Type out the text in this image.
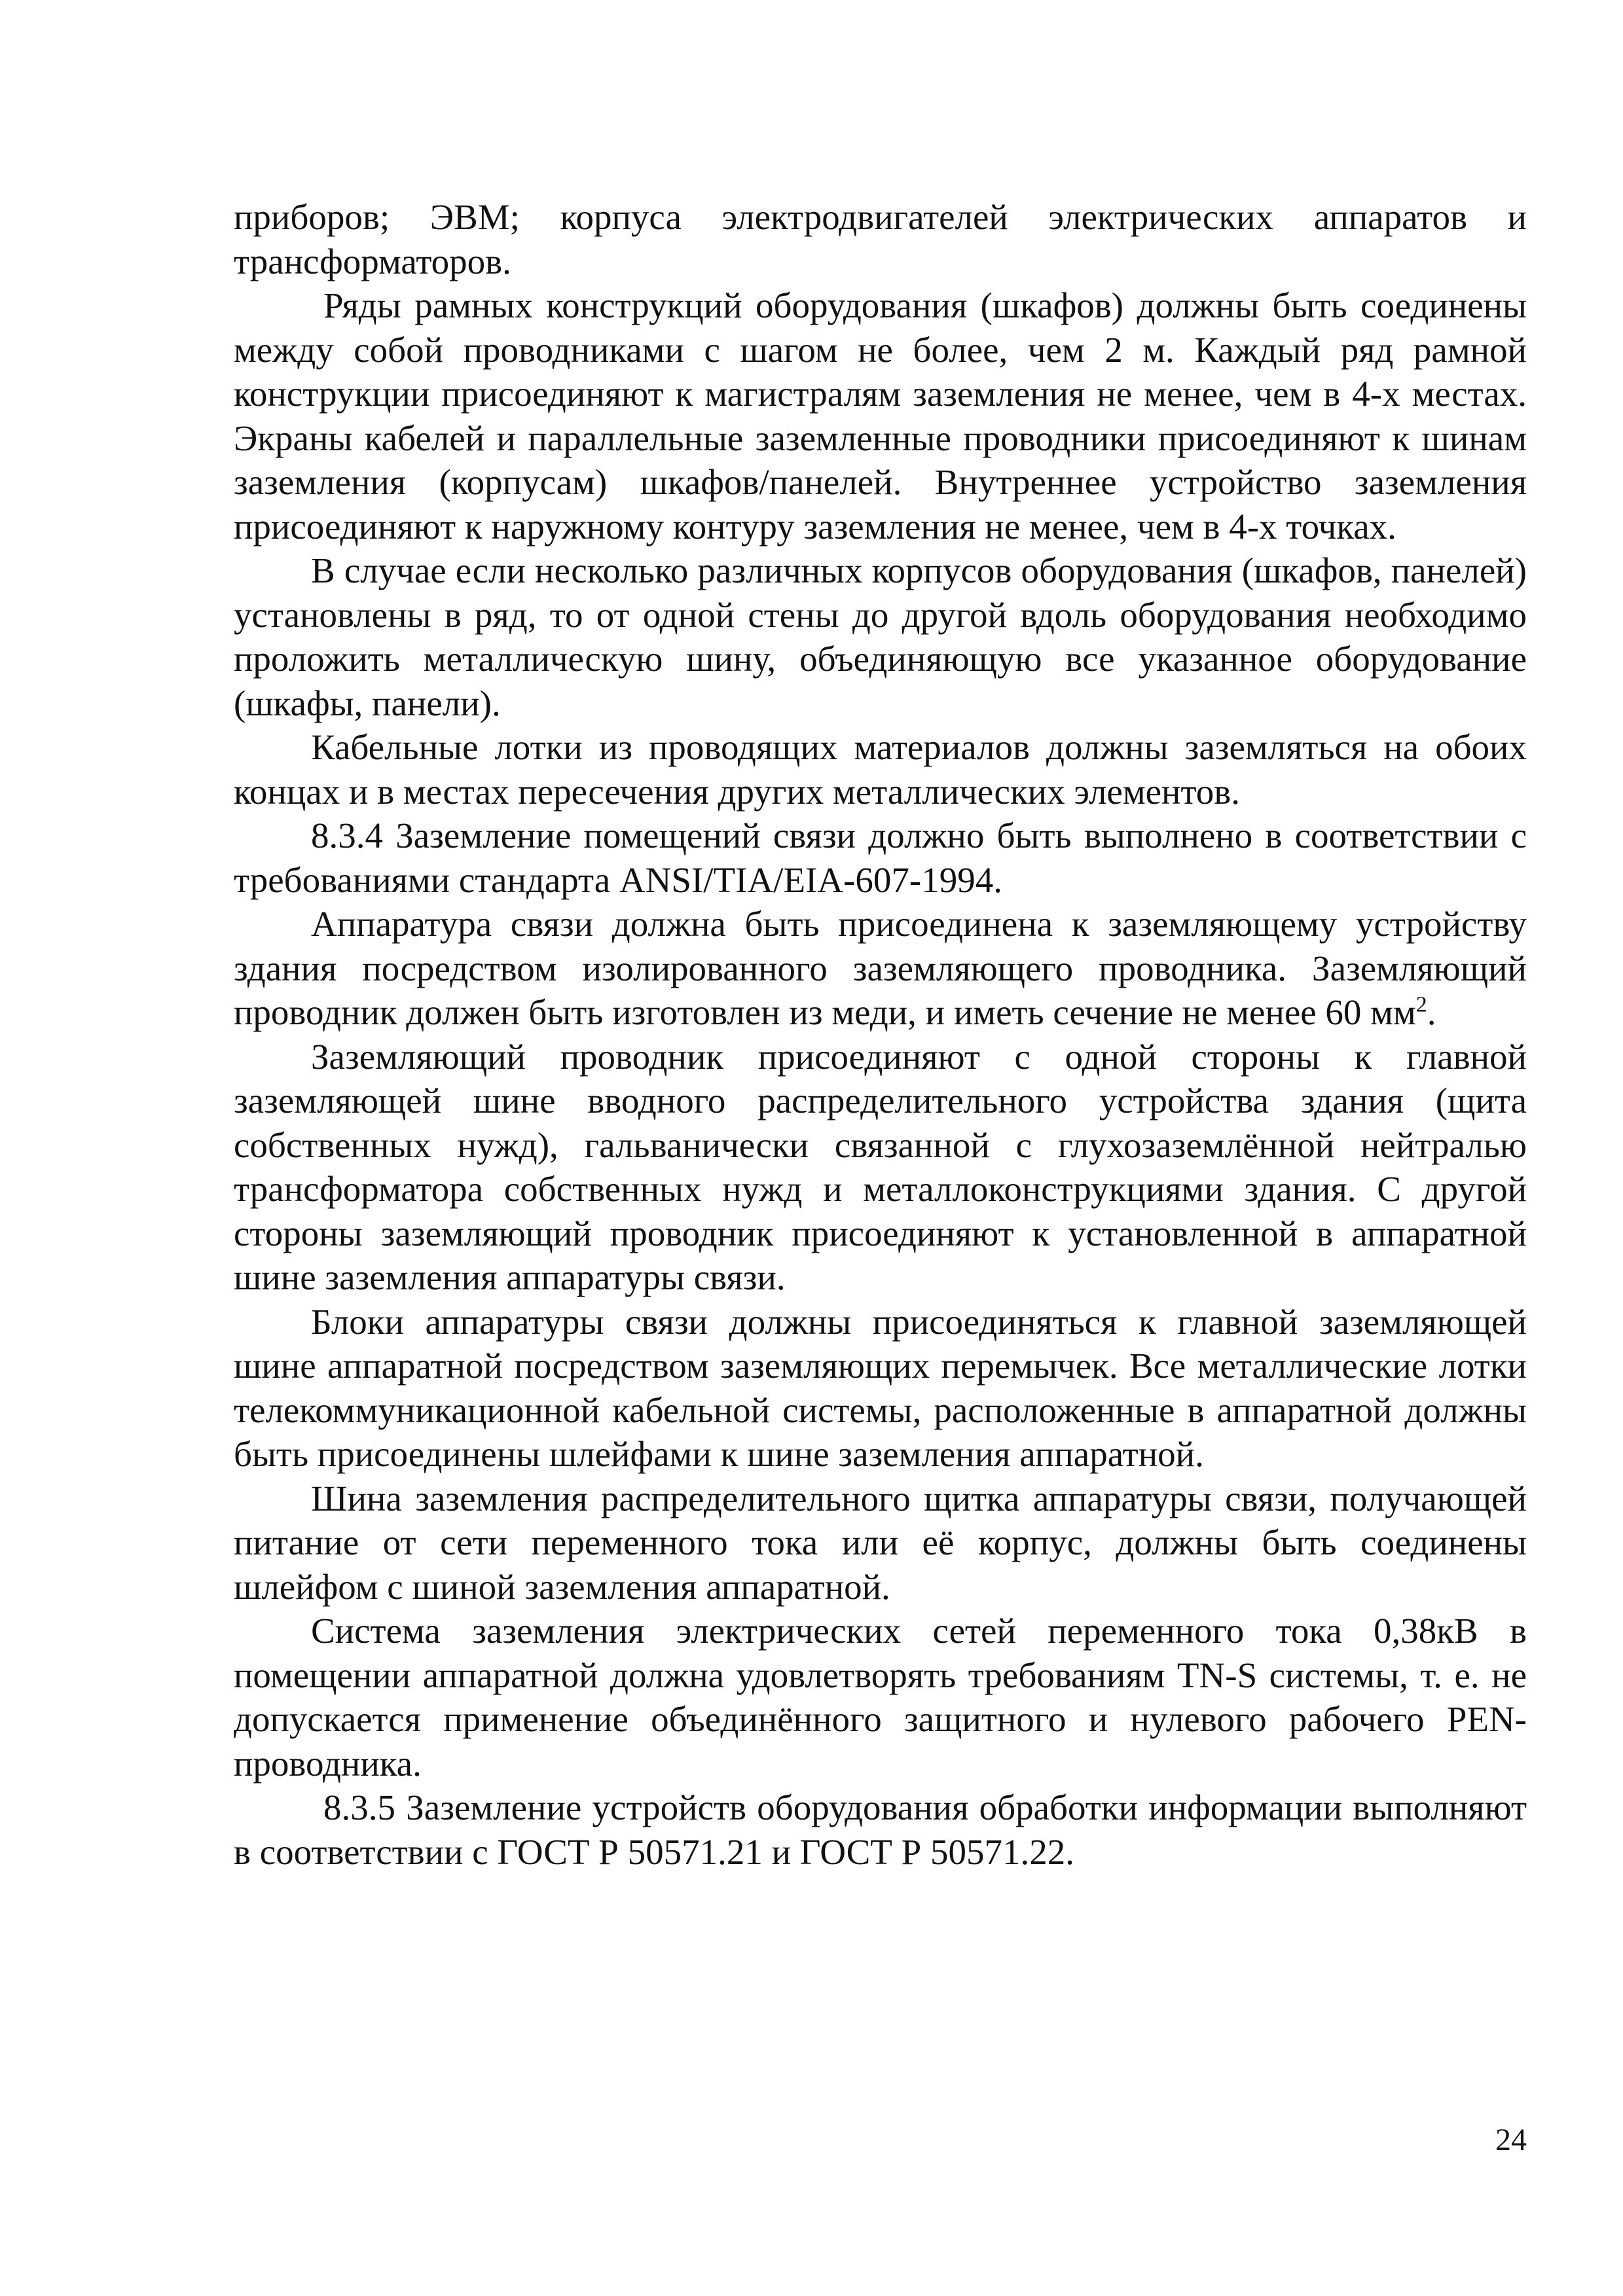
приборов; ЭВМ; корпуса электродвигателей электрических аппаратов и трансформаторов.

Ряды рамных конструкций оборудования (шкафов) должны быть соединены между собой проводниками с шагом не более, чем 2 м. Каждый ряд рамной конструкции присоединяют к магистралям заземления не менее, чем в 4-х местах. Экраны кабелей и параллельные заземленные проводники присоединяют к шинам заземления (корпусам) шкафов/панелей. Внутреннее устройство заземления присоединяют к наружному контуру заземления не менее, чем в 4-х точках.

В случае если несколько различных корпусов оборудования (шкафов, панелей) установлены в ряд, то от одной стены до другой вдоль оборудования необходимо проложить металлическую шину, объединяющую все указанное оборудование (шкафы, панели).

Кабельные лотки из проводящих материалов должны заземляться на обоих концах и в местах пересечения других металлических элементов.

8.3.4 Заземление помещений связи должно быть выполнено в соответствии с требованиями стандарта ANSI/TIA/EIA-607-1994.

Аппаратура связи должна быть присоединена к заземляющему устройству здания посредством изолированного заземляющего проводника. Заземляющий проводник должен быть изготовлен из меди, и иметь сечение не менее 60 $мм^2$.

Заземляющий проводник присоединяют с одной стороны к главной заземляющей шине вводного распределительного устройства здания (щита собственных нужд), гальванически связанной с глухозаземлённой нейтралью трансформатора собственных нужд и металлоконструкциями здания. С другой стороны заземляющий проводник присоединяют к установленной в аппаратной шине заземления аппаратуры связи.

Блоки аппаратуры связи должны присоединяться к главной заземляющей шине аппаратной посредством заземляющих перемычек. Все металлические лотки телекоммуникационной кабельной системы, расположенные в аппаратной должны быть присоединены шлейфами к шине заземления аппаратной.

Шина заземления распределительного щитка аппаратуры связи, получающей питание от сети переменного тока или её корпус, должны быть соединены шлейфом с шиной заземления аппаратной.

Система заземления электрических сетей переменного тока 0,38кВ в помещении аппаратной должна удовлетворять требованиям TN-S системы, т. е. не допускается применение объединённого защитного и нулевого рабочего PEN-проводника.

8.3.5 Заземление устройств оборудования обработки информации выполняют в соответствии с ГОСТ Р 50571.21 и ГОСТ Р 50571.22.

24
